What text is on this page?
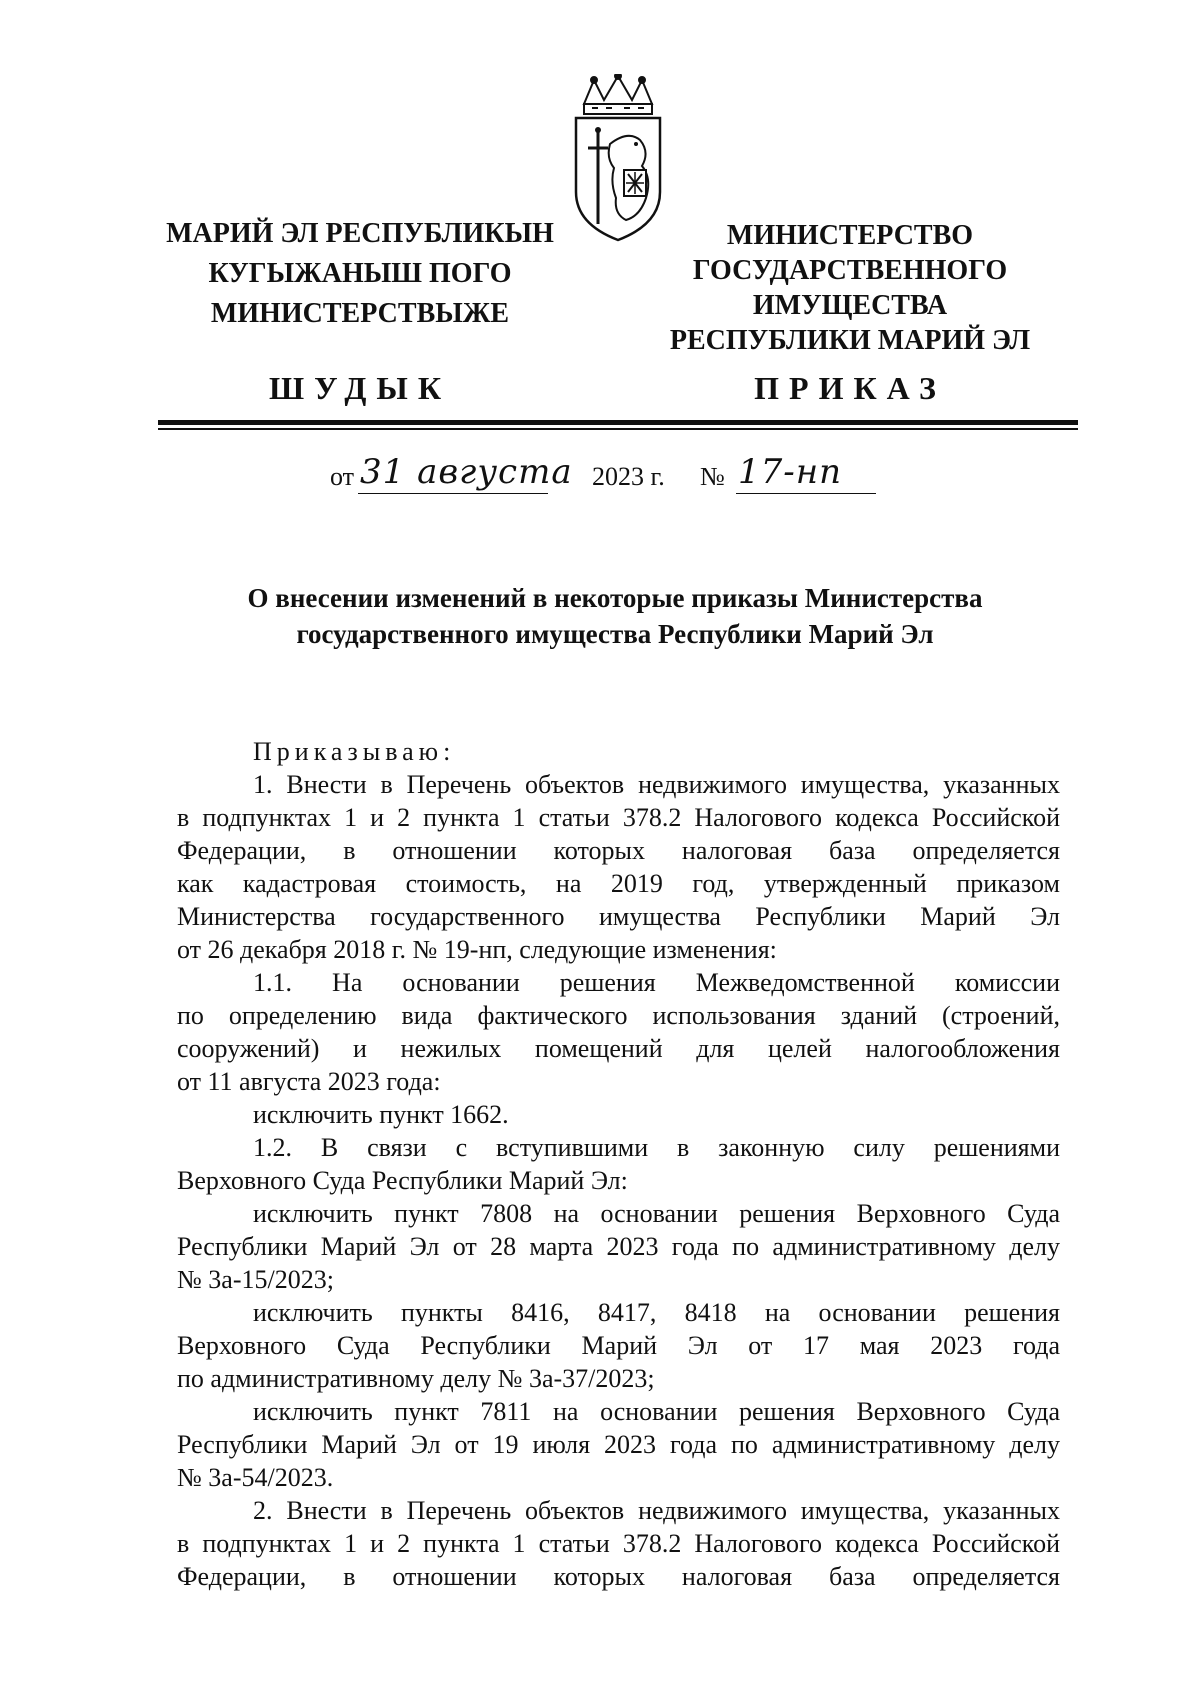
МАРИЙ ЭЛ РЕСПУБЛИКЫН
КУГЫЖАНЫШ ПОГО
МИНИСТЕРСТВЫЖЕ
МИНИСТЕРСТВО
ГОСУДАРСТВЕННОГО
ИМУЩЕСТВА
РЕСПУБЛИКИ МАРИЙ ЭЛ
ШУДЫК	ПРИКАЗ
от 31 августа 2023 г. № 17-нп
О внесении изменений в некоторые приказы Министерства
государственного имущества Республики Марий Эл

Приказываю:

1. Внести в Перечень объектов недвижимого имущества, указанных

в подпунктах 1 и 2 пункта 1 статьи 378.2 Налогового кодекса Российской

Федерации, в отношении которых налоговая база определяется

как кадастровая стоимость, на 2019 год, утвержденный приказом

Министерства государственного имущества Республики Марий Эл

от 26 декабря 2018 г. № 19-нп, следующие изменения:

1.1. На основании решения Межведомственной комиссии

по определению вида фактического использования зданий (строений,

сооружений) и нежилых помещений для целей налогообложения

от 11 августа 2023 года:

исключить пункт 1662.

1.2. В связи с вступившими в законную силу решениями

Верховного Суда Республики Марий Эл:

исключить пункт 7808 на основании решения Верховного Суда

Республики Марий Эл от 28 марта 2023 года по административному делу

№ 3а-15/2023;

исключить пункты 8416, 8417, 8418 на основании решения

Верховного Суда Республики Марий Эл от 17 мая 2023 года

по административному делу № 3а-37/2023;

исключить пункт 7811 на основании решения Верховного Суда

Республики Марий Эл от 19 июля 2023 года по административному делу

№ 3а-54/2023.

2. Внести в Перечень объектов недвижимого имущества, указанных

в подпунктах 1 и 2 пункта 1 статьи 378.2 Налогового кодекса Российской

Федерации, в отношении которых налоговая база определяется
